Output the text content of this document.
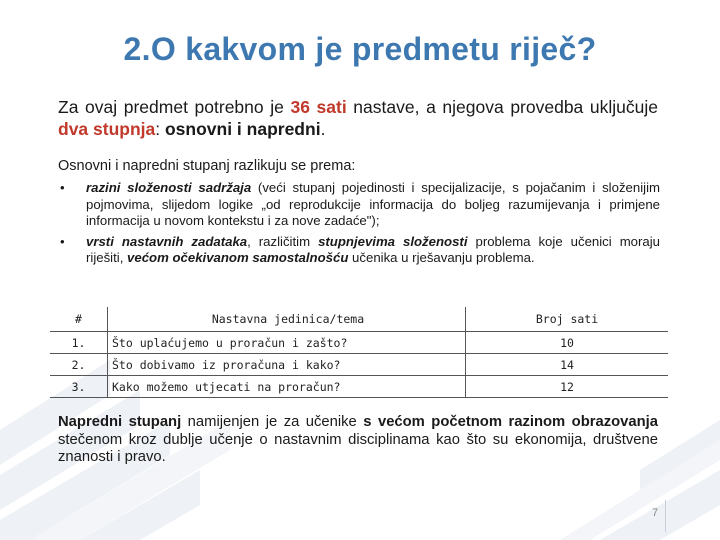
2.O kakvom je predmetu riječ?
Za ovaj predmet potrebno je 36 sati nastave, a njegova provedba uključuje dva stupnja: osnovni i napredni.
Osnovni i napredni stupanj razlikuju se prema:
• razini složenosti sadržaja (veći stupanj pojedinosti i specijalizacije, s pojačanim i složenijim pojmovima, slijedom logike „od reprodukcije informacija do boljeg razumijevanja i primjene informacija u novom kontekstu i za nove zadaće");
• vrsti nastavnih zadataka, različitim stupnjevima složenosti problema koje učenici moraju riješiti, većom očekivanom samostalnošću učenika u rješavanju problema.
#	Nastavna jedinica/tema	Broj sati
1.	Što uplaćujemo u proračun i zašto?	10
2.	Što dobivamo iz proračuna i kako?	14
3.	Kako možemo utjecati na proračun?	12
Napredni stupanj namijenjen je za učenike s većom početnom razinom obrazovanja stečenom kroz dublje učenje o nastavnim disciplinama kao što su ekonomija, društvene znanosti i pravo.
7
